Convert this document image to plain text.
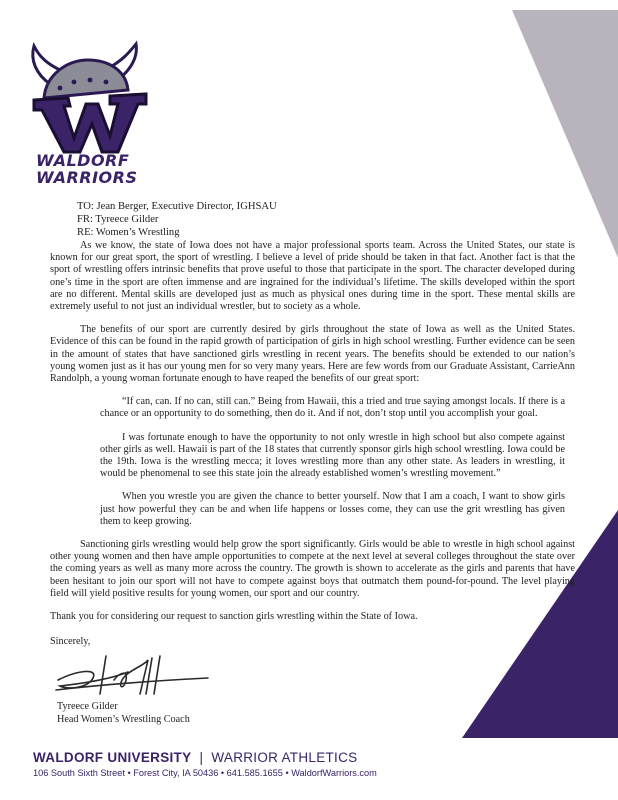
WALDORF
WARRIORS
TO: Jean Berger, Executive Director, IGHSAU
FR: Tyreece Gilder
RE: Women’s Wrestling

As we know, the state of Iowa does not have a major professional sports team. Across the United States, our state is known for our great sport, the sport of wrestling. I believe a level of pride should be taken in that fact. Another fact is that the sport of wrestling offers intrinsic benefits that prove useful to those that participate in the sport. The character developed during one’s time in the sport are often immense and are ingrained for the individual’s lifetime. The skills developed within the sport are no different. Mental skills are developed just as much as physical ones during time in the sport. These mental skills are extremely useful to not just an individual wrestler, but to society as a whole.

The benefits of our sport are currently desired by girls throughout the state of Iowa as well as the United States. Evidence of this can be found in the rapid growth of participation of girls in high school wrestling. Further evidence can be seen in the amount of states that have sanctioned girls wrestling in recent years. The benefits should be extended to our nation’s young women just as it has our young men for so very many years. Here are few words from our Graduate Assistant, CarrieAnn Randolph, a young woman fortunate enough to have reaped the benefits of our great sport:

“If can, can. If no can, still can.” Being from Hawaii, this a tried and true saying amongst locals. If there is a chance or an opportunity to do something, then do it. And if not, don’t stop until you accomplish your goal.

I was fortunate enough to have the opportunity to not only wrestle in high school but also compete against other girls as well. Hawaii is part of the 18 states that currently sponsor girls high school wrestling. Iowa could be the 19th. Iowa is the wrestling mecca; it loves wrestling more than any other state. As leaders in wrestling, it would be phenomenal to see this state join the already established women’s wrestling movement.”

When you wrestle you are given the chance to better yourself. Now that I am a coach, I want to show girls just how powerful they can be and when life happens or losses come, they can use the grit wrestling has given them to keep growing.

Sanctioning girls wrestling would help grow the sport significantly. Girls would be able to wrestle in high school against other young women and then have ample opportunities to compete at the next level at several colleges throughout the state over the coming years as well as many more across the country. The growth is shown to accelerate as the girls and parents that have been hesitant to join our sport will not have to compete against boys that outmatch them pound-for-pound. The level playing field will yield positive results for young women, our sport and our country.

Thank you for considering our request to sanction girls wrestling within the State of Iowa.

Sincerely,
Tyreece Gilder
Head Women’s Wrestling Coach
WALDORF UNIVERSITY | WARRIOR ATHLETICS
106 South Sixth Street • Forest City, IA 50436 • 641.585.1655 • WaldorfWarriors.com
